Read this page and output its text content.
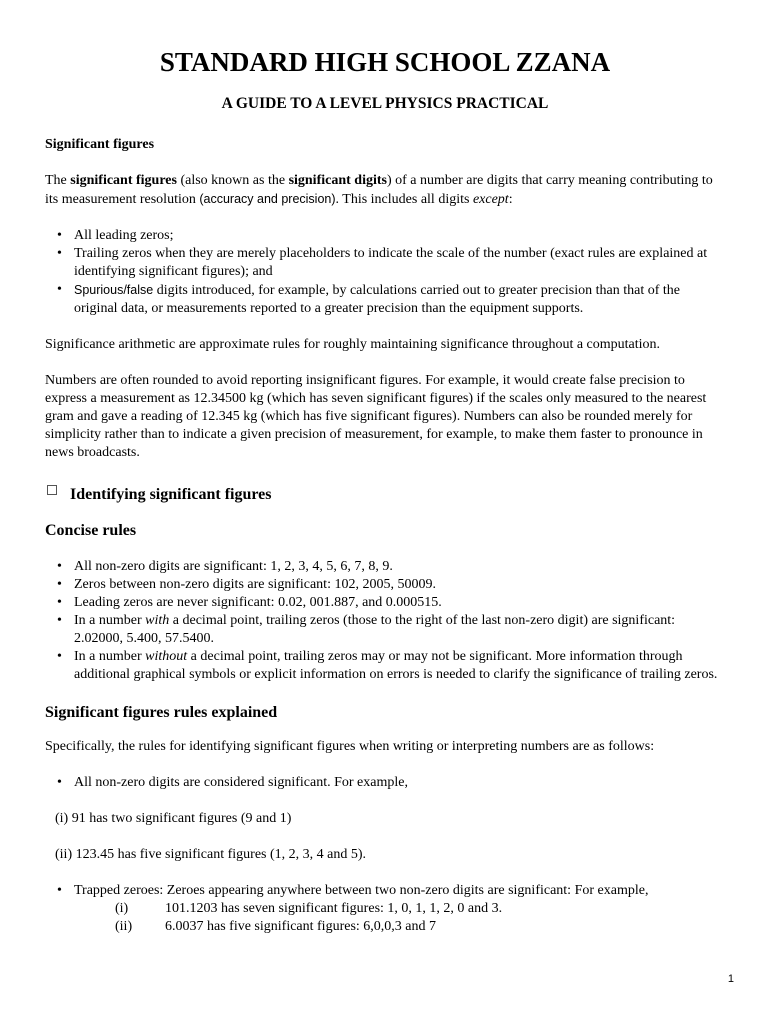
STANDARD HIGH SCHOOL ZZANA
A GUIDE TO A LEVEL PHYSICS PRACTICAL
Significant figures

The significant figures (also known as the significant digits) of a number are digits that carry meaning contributing to its measurement resolution (accuracy and precision). This includes all digits except:

• All leading zeros;
• Trailing zeros when they are merely placeholders to indicate the scale of the number (exact rules are explained at identifying significant figures); and
• Spurious/false digits introduced, for example, by calculations carried out to greater precision than that of the original data, or measurements reported to a greater precision than the equipment supports.

Significance arithmetic are approximate rules for roughly maintaining significance throughout a computation.

Numbers are often rounded to avoid reporting insignificant figures. For example, it would create false precision to express a measurement as 12.34500 kg (which has seven significant figures) if the scales only measured to the nearest gram and gave a reading of 12.345 kg (which has five significant figures). Numbers can also be rounded merely for simplicity rather than to indicate a given precision of measurement, for example, to make them faster to pronounce in news broadcasts.

Identifying significant figures
Concise rules
• All non-zero digits are significant: 1, 2, 3, 4, 5, 6, 7, 8, 9.
• Zeros between non-zero digits are significant: 102, 2005, 50009.
• Leading zeros are never significant: 0.02, 001.887, and 0.000515.
• In a number with a decimal point, trailing zeros (those to the right of the last non-zero digit) are significant: 2.02000, 5.400, 57.5400.
• In a number without a decimal point, trailing zeros may or may not be significant. More information through additional graphical symbols or explicit information on errors is needed to clarify the significance of trailing zeros.
Significant figures rules explained

Specifically, the rules for identifying significant figures when writing or interpreting numbers are as follows:

• All non-zero digits are considered significant. For example,

(i) 91 has two significant figures (9 and 1)

(ii) 123.45 has five significant figures (1, 2, 3, 4 and 5).

• Trapped zeroes: Zeroes appearing anywhere between two non-zero digits are significant: For example,
(i)	101.1203 has seven significant figures: 1, 0, 1, 1, 2, 0 and 3.
(ii)	6.0037 has five significant figures: 6,0,0,3 and 7
1
